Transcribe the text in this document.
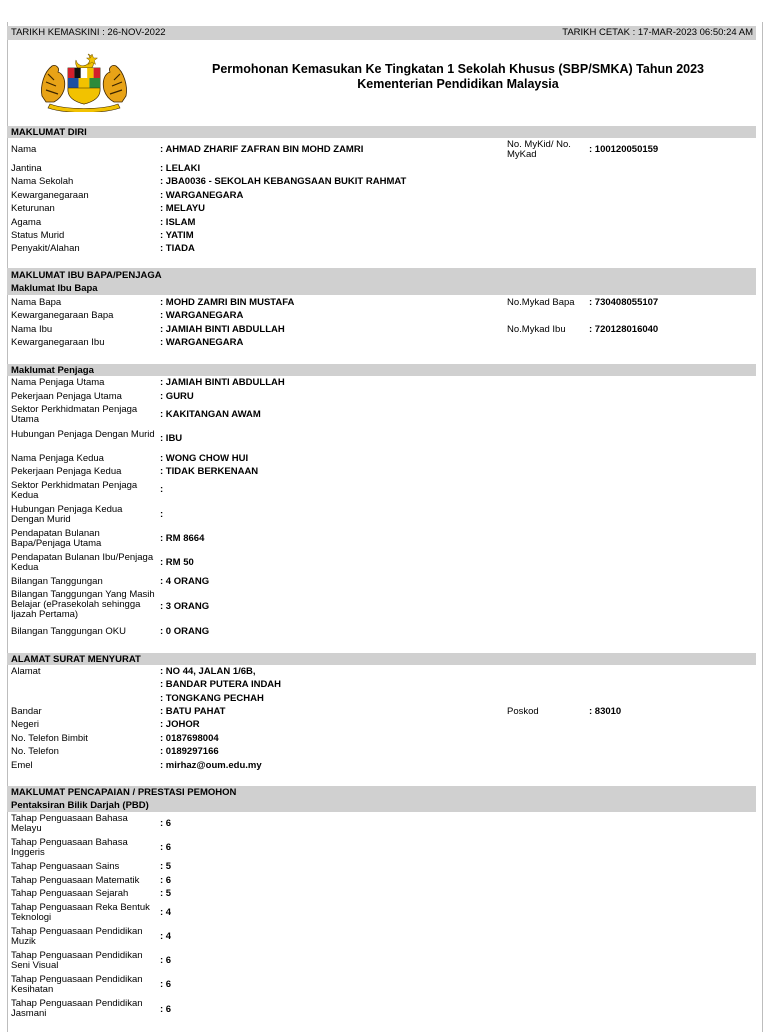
TARIKH KEMASKINI : 26-NOV-2022	TARIKH CETAK : 17-MAR-2023 06:50:24 AM
Permohonan Kemasukan Ke Tingkatan 1 Sekolah Khusus (SBP/SMKA) Tahun 2023
Kementerian Pendidikan Malaysia
MAKLUMAT DIRI
Nama	: AHMAD ZHARIF ZAFRAN BIN MOHD ZAMRI	No. MyKid/ No. MyKad	: 100120050159
Jantina	: LELAKI
Nama Sekolah	: JBA0036 - SEKOLAH KEBANGSAAN BUKIT RAHMAT
Kewarganegaraan	: WARGANEGARA
Keturunan	: MELAYU
Agama	: ISLAM
Status Murid	: YATIM
Penyakit/Alahan	: TIADA
MAKLUMAT IBU BAPA/PENJAGA
Maklumat Ibu Bapa
Nama Bapa	: MOHD ZAMRI BIN MUSTAFA	No.Mykad Bapa	: 730408055107
Kewarganegaraan Bapa	: WARGANEGARA
Nama Ibu	: JAMIAH BINTI ABDULLAH	No.Mykad Ibu	: 720128016040
Kewarganegaraan Ibu	: WARGANEGARA
Maklumat Penjaga
Nama Penjaga Utama	: JAMIAH BINTI ABDULLAH
Pekerjaan Penjaga Utama	: GURU
Sektor Perkhidmatan Penjaga Utama	: KAKITANGAN AWAM
Hubungan Penjaga Dengan Murid : IBU
Nama Penjaga Kedua	: WONG CHOW HUI
Pekerjaan Penjaga Kedua	: TIDAK BERKENAAN
Sektor Perkhidmatan Penjaga Kedua
:
Hubungan Penjaga Kedua Dengan Murid	:
Pendapatan Bulanan Bapa/Penjaga Utama	: RM 8664
Pendapatan Bulanan Ibu/Penjaga Kedua	: RM 50
Bilangan Tanggungan	: 4 ORANG
Bilangan Tanggungan Yang Masih Belajar (ePrasekolah sehingga Ijazah Pertama)
: 3 ORANG
Bilangan Tanggungan OKU	: 0 ORANG
ALAMAT SURAT MENYURAT
Alamat	: NO 44, JALAN 1/6B,
: BANDAR PUTERA INDAH
: TONGKANG PECHAH
Bandar	: BATU PAHAT	Poskod	: 83010
Negeri	: JOHOR
No. Telefon Bimbit	: 0187698004
No. Telefon	: 0189297166
Emel	: mirhaz@oum.edu.my
MAKLUMAT PENCAPAIAN / PRESTASI PEMOHON
Pentaksiran Bilik Darjah (PBD)
Tahap Penguasaan Bahasa Melayu	: 6
Tahap Penguasaan Bahasa Inggeris	: 6
Tahap Penguasaan Sains	: 5
Tahap Penguasaan Matematik	: 6
Tahap Penguasaan Sejarah	: 5
Tahap Penguasaan Reka Bentuk Teknologi	: 4
Tahap Penguasaan Pendidikan Muzik	: 4
Tahap Penguasaan Pendidikan Seni Visual	: 6
Tahap Penguasaan Pendidikan Kesihatan	: 6
Tahap Penguasaan Pendidikan Jasmani	: 6
